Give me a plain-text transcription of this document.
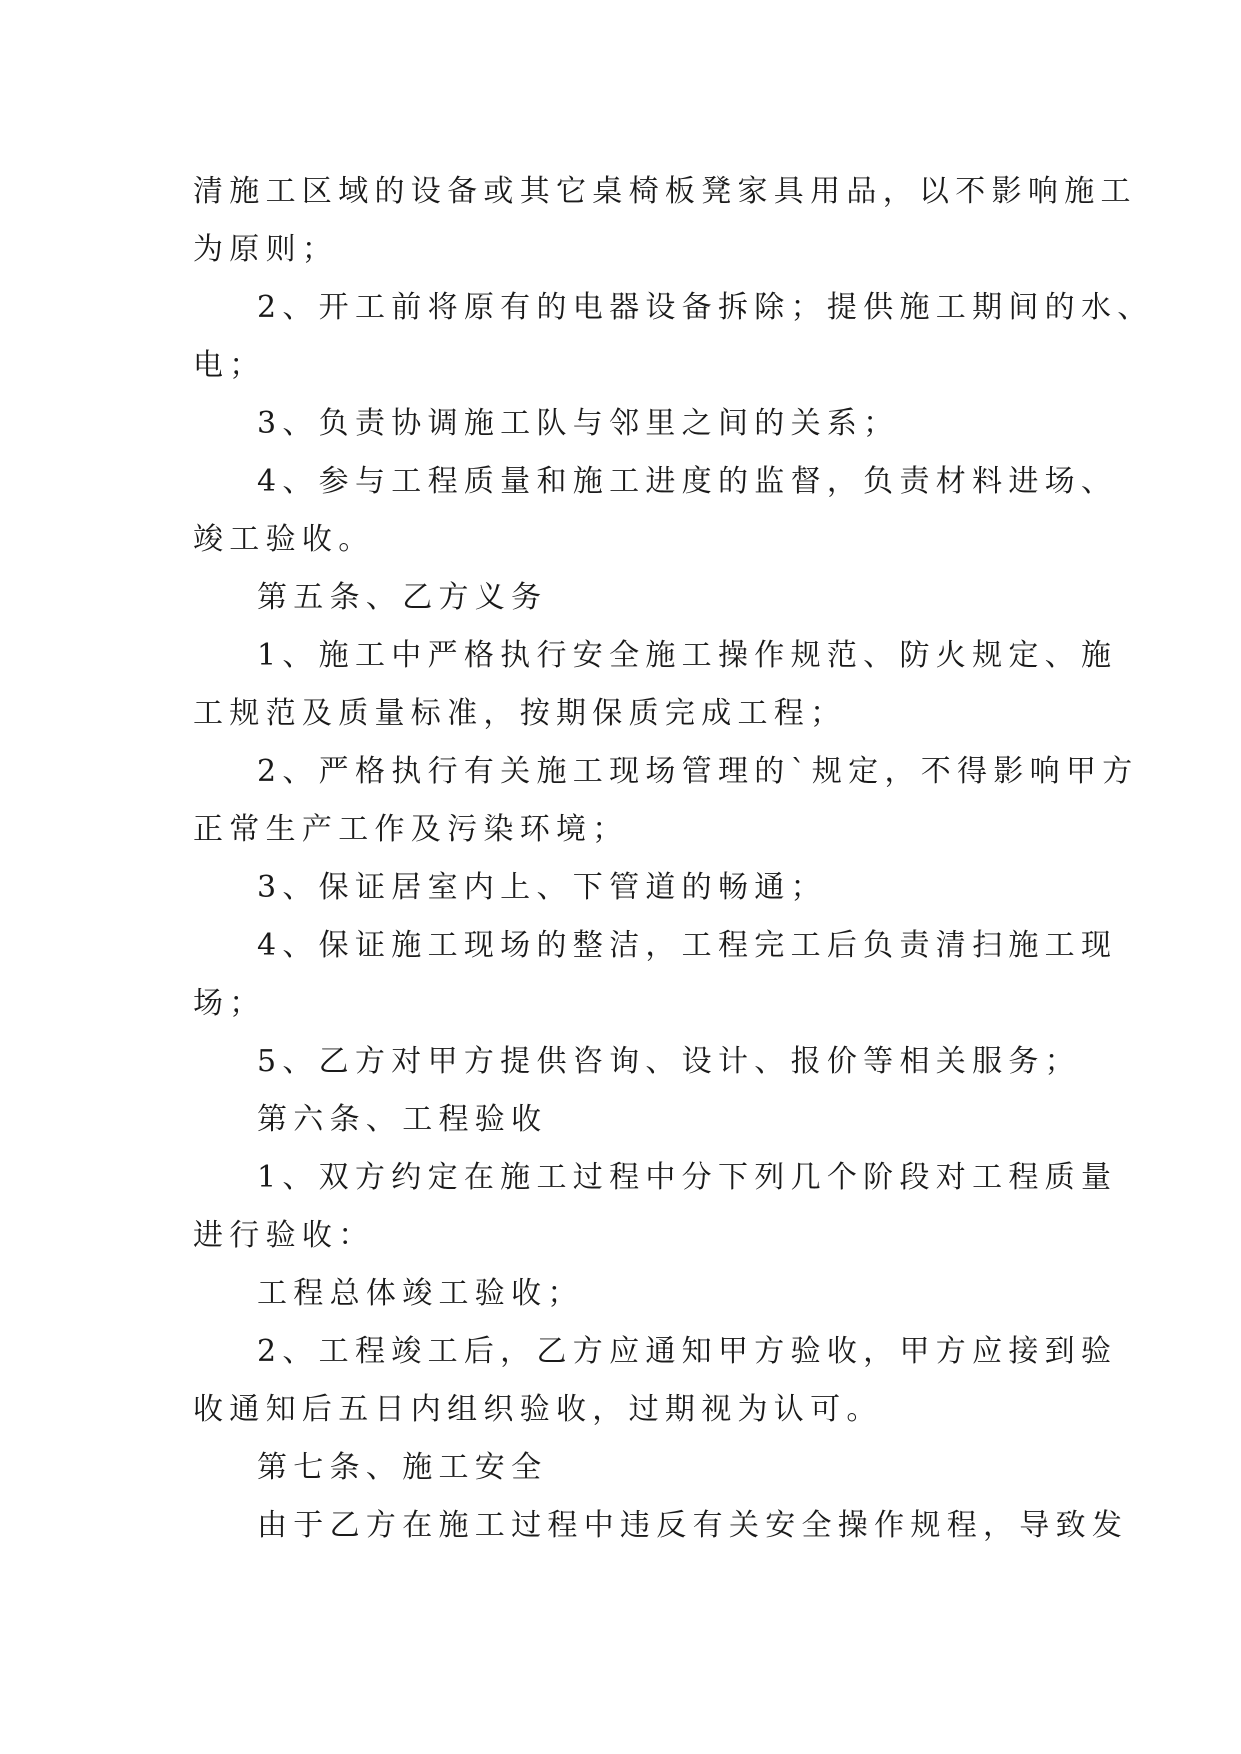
清施工区域的设备或其它桌椅板凳家具用品，以不影响施工
为原则；
2、开工前将原有的电器设备拆除；提供施工期间的水、
电；
3、负责协调施工队与邻里之间的关系；
4、参与工程质量和施工进度的监督，负责材料进场、
竣工验收。
第五条、乙方义务
1、施工中严格执行安全施工操作规范、防火规定、施
工规范及质量标准，按期保质完成工程；
2、严格执行有关施工现场管理的`规定，不得影响甲方
正常生产工作及污染环境；
3、保证居室内上、下管道的畅通；
4、保证施工现场的整洁，工程完工后负责清扫施工现
场；
5、乙方对甲方提供咨询、设计、报价等相关服务；
第六条、工程验收
1、双方约定在施工过程中分下列几个阶段对工程质量
进行验收：
工程总体竣工验收；
2、工程竣工后，乙方应通知甲方验收，甲方应接到验
收通知后五日内组织验收，过期视为认可。
第七条、施工安全
由于乙方在施工过程中违反有关安全操作规程，导致发
